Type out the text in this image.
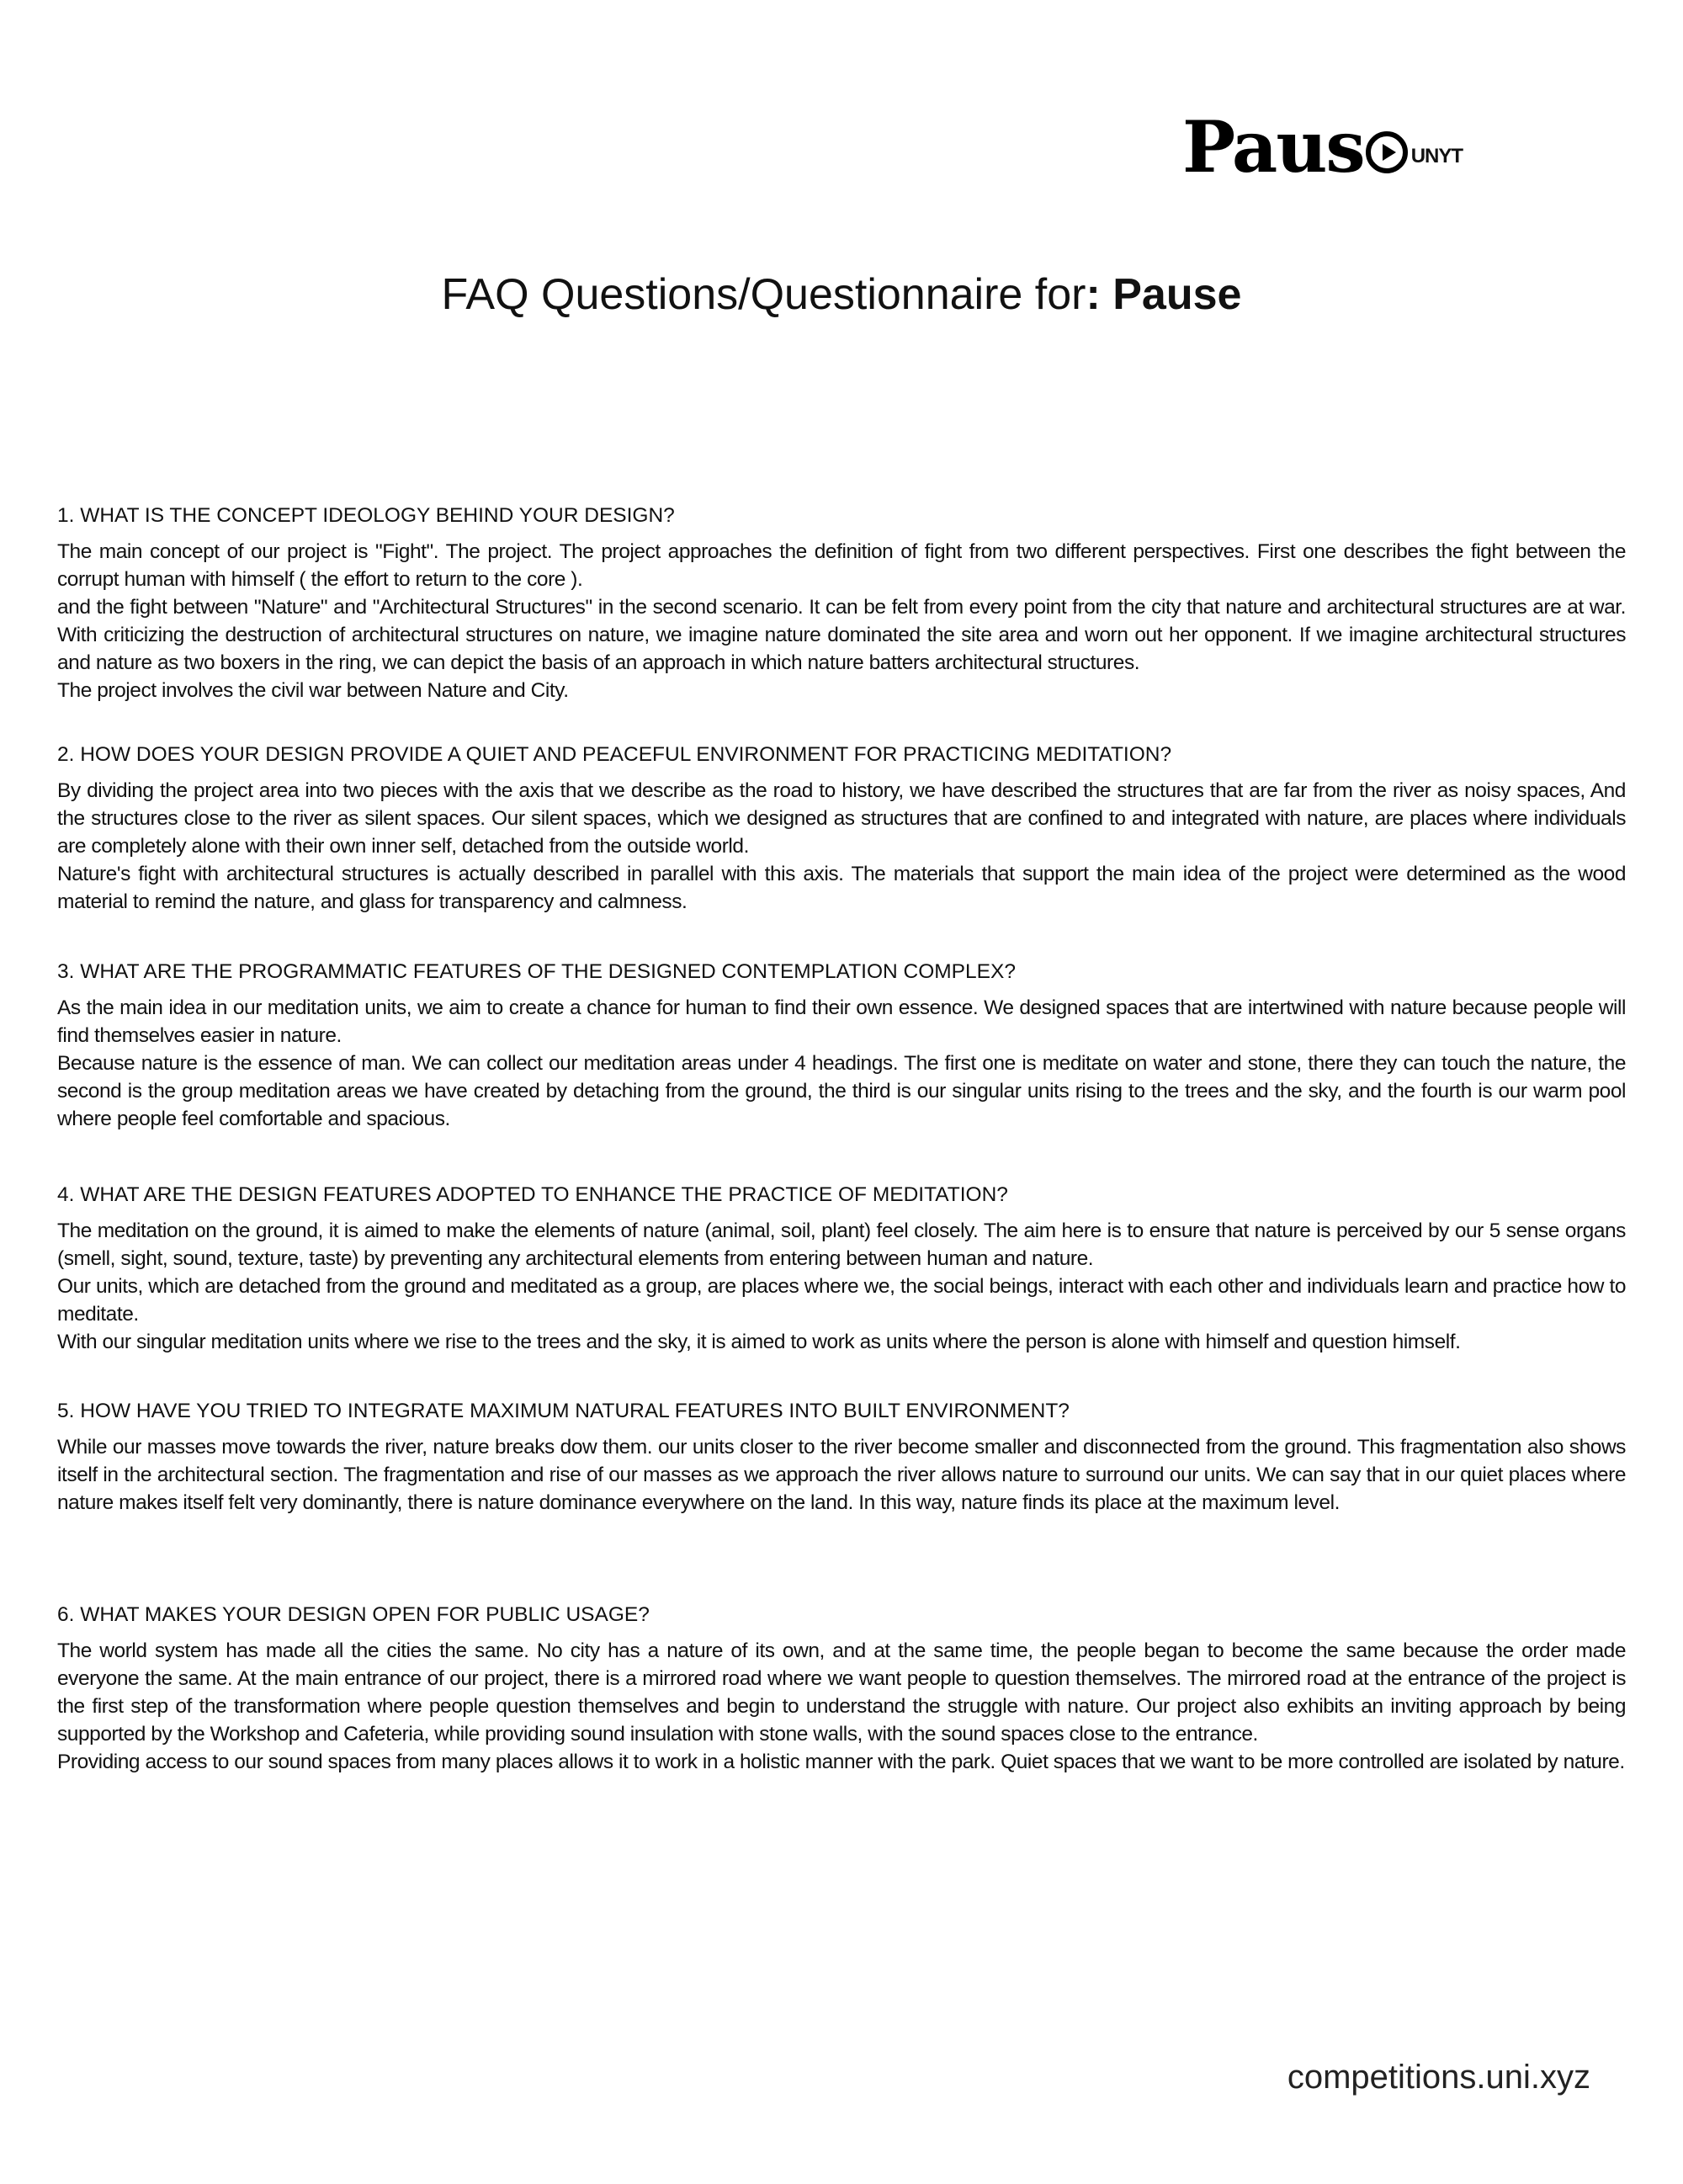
Paus UNYT
FAQ Questions/Questionnaire for: Pause
1. WHAT IS THE CONCEPT IDEOLOGY BEHIND YOUR DESIGN?

The main concept of our project is "Fight". The project. The project approaches the definition of fight from two different perspectives. First one describes the fight between the corrupt human with himself ( the effort to return to the core ).

and the fight between "Nature" and "Architectural Structures" in the second scenario. It can be felt from every point from the city that nature and architectural structures are at war. With criticizing the destruction of architectural structures on nature, we imagine nature dominated the site area and worn out her opponent. If we imagine architectural structures and nature as two boxers in the ring, we can depict the basis of an approach in which nature batters architectural structures.

The project involves the civil war between Nature and City.

2. HOW DOES YOUR DESIGN PROVIDE A QUIET AND PEACEFUL ENVIRONMENT FOR PRACTICING MEDITATION?

By dividing the project area into two pieces with the axis that we describe as the road to history, we have described the structures that are far from the river as noisy spaces, And the structures close to the river as silent spaces. Our silent spaces, which we designed as structures that are confined to and integrated with nature, are places where individuals are completely alone with their own inner self, detached from the outside world.

Nature's fight with architectural structures is actually described in parallel with this axis. The materials that support the main idea of the project were determined as the wood material to remind the nature, and glass for transparency and calmness.

3. WHAT ARE THE PROGRAMMATIC FEATURES OF THE DESIGNED CONTEMPLATION COMPLEX?

As the main idea in our meditation units, we aim to create a chance for human to find their own essence. We designed spaces that are intertwined with nature because people will find themselves easier in nature.

Because nature is the essence of man. We can collect our meditation areas under 4 headings. The first one is meditate on water and stone, there they can touch the nature, the second is the group meditation areas we have created by detaching from the ground, the third is our singular units rising to the trees and the sky, and the fourth is our warm pool where people feel comfortable and spacious.

4. WHAT ARE THE DESIGN FEATURES ADOPTED TO ENHANCE THE PRACTICE OF MEDITATION?

The meditation on the ground, it is aimed to make the elements of nature (animal, soil, plant) feel closely. The aim here is to ensure that nature is perceived by our 5 sense organs (smell, sight, sound, texture, taste) by preventing any architectural elements from entering between human and nature.

Our units, which are detached from the ground and meditated as a group, are places where we, the social beings, interact with each other and individuals learn and practice how to meditate.

With our singular meditation units where we rise to the trees and the sky, it is aimed to work as units where the person is alone with himself and question himself.

5. HOW HAVE YOU TRIED TO INTEGRATE MAXIMUM NATURAL FEATURES INTO BUILT ENVIRONMENT?

While our masses move towards the river, nature breaks dow them. our units closer to the river become smaller and disconnected from the ground. This fragmentation also shows itself in the architectural section. The fragmentation and rise of our masses as we approach the river allows nature to surround our units. We can say that in our quiet places where nature makes itself felt very dominantly, there is nature dominance everywhere on the land. In this way, nature finds its place at the maximum level.

6. WHAT MAKES YOUR DESIGN OPEN FOR PUBLIC USAGE?

The world system has made all the cities the same. No city has a nature of its own, and at the same time, the people began to become the same because the order made everyone the same. At the main entrance of our project, there is a mirrored road where we want people to question themselves. The mirrored road at the entrance of the project is the first step of the transformation where people question themselves and begin to understand the struggle with nature. Our project also exhibits an inviting approach by being supported by the Workshop and Cafeteria, while providing sound insulation with stone walls, with the sound spaces close to the entrance.

Providing access to our sound spaces from many places allows it to work in a holistic manner with the park. Quiet spaces that we want to be more controlled are isolated by nature.

competitions.uni.xyz
